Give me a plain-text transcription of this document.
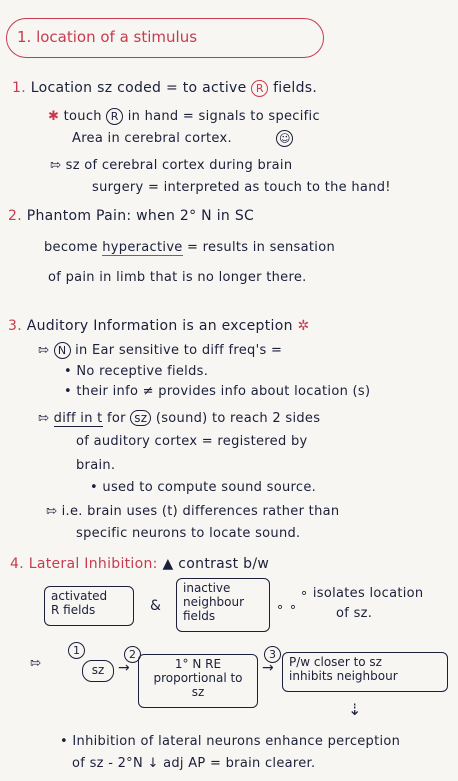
1. location of a stimulus
1. Location sz coded = to active R fields.
✱ touch R in hand = signals to specific
Area in cerebral cortex.	☺
⇰ sz of cerebral cortex during brain
surgery = interpreted as touch to the hand!
2. Phantom Pain: when 2° N in SC
become hyperactive = results in sensation
of pain in limb that is no longer there.
3. Auditory Information is an exception ✲
⇰ N in Ear sensitive to diff freq's =
• No receptive fields.
• their info ≠ provides info about location (s)
⇰ diff in t for sz (sound) to reach 2 sides
of auditory cortex = registered by
brain.
• used to compute sound source.
⇰ i.e. brain uses (t) differences rather than
specific neurons to locate sound.
4. Lateral Inhibition: ▲ contrast b/w
activated
R fields	&
inactive
neighbour
fields
∘ ∘
∘ isolates location
of sz.
⇰
1
sz →
2
1° N RE
proportional to
sz
→
3
P/w closer to sz
inhibits neighbour
⇣
• Inhibition of lateral neurons enhance perception
of sz - 2°N ↓ adj AP = brain clearer.
